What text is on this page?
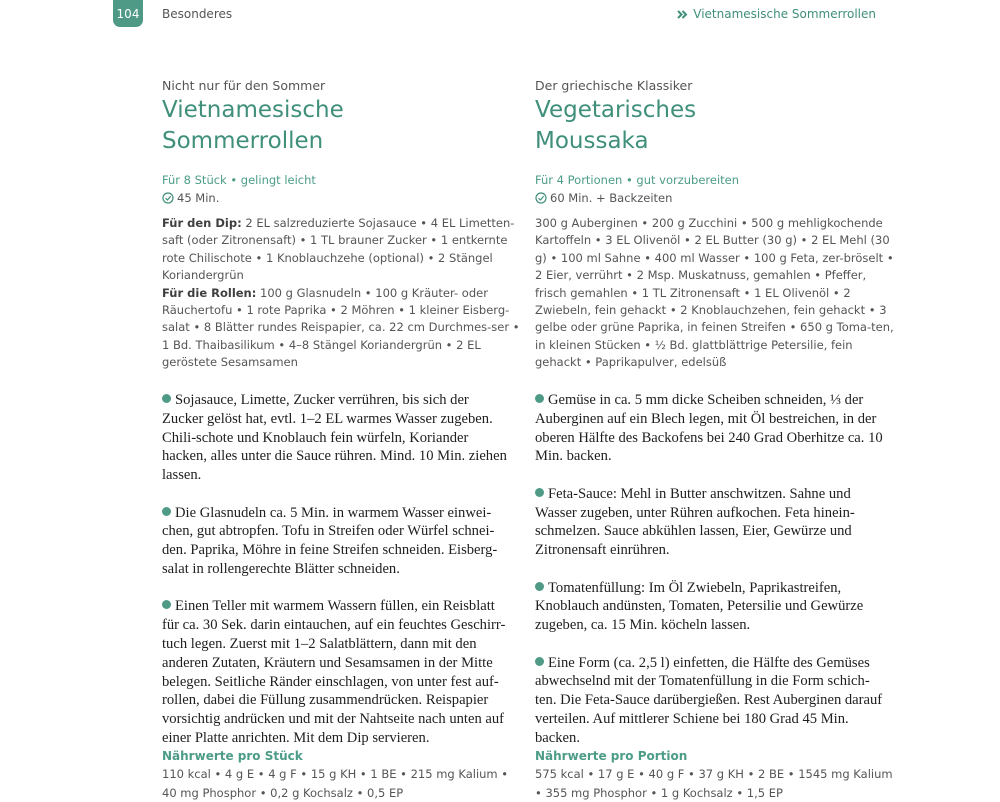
104 Besonderes	Vietnamesische Sommerrollen

Nicht nur für den Sommer

Vietnamesische
Sommerrollen
Für 8 Stück • gelingt leicht
45 Min.

Für den Dip: 2 EL salzreduzierte Sojasauce • 4 EL Limetten-saft (oder Zitronensaft) • 1 TL brauner Zucker • 1 entkernte rote Chilischote • 1 Knoblauchzehe (optional) • 2 Stängel Koriandergrün

Für die Rollen: 100 g Glasnudeln • 100 g Kräuter- oder Räuchertofu • 1 rote Paprika • 2 Möhren • 1 kleiner Eisberg-salat • 8 Blätter rundes Reispapier, ca. 22 cm Durchmes-ser • 1 Bd. Thaibasilikum • 4–8 Stängel Koriandergrün • 2 EL geröstete Sesamsamen

Der griechische Klassiker

Vegetarisches
Moussaka
Für 4 Portionen • gut vorzubereiten
60 Min. + Backzeiten

300 g Auberginen • 200 g Zucchini • 500 g mehligkochende Kartoffeln • 3 EL Olivenöl • 2 EL Butter (30 g) • 2 EL Mehl (30 g) • 100 ml Sahne • 400 ml Wasser • 100 g Feta, zer-bröselt • 2 Eier, verrührt • 2 Msp. Muskatnuss, gemahlen • Pfeffer, frisch gemahlen • 1 TL Zitronensaft • 1 EL Olivenöl • 2 Zwiebeln, fein gehackt • 2 Knoblauchzehen, fein gehackt • 3 gelbe oder grüne Paprika, in feinen Streifen • 650 g Toma-ten, in kleinen Stücken • ½ Bd. glattblättrige Petersilie, fein gehackt • Paprikapulver, edelsüß

Sojasauce, Limette, Zucker verrühren, bis sich der Zucker gelöst hat, evtl. 1–2 EL warmes Wasser zugeben. Chili-schote und Knoblauch fein würfeln, Koriander hacken, alles unter die Sauce rühren. Mind. 10 Min. ziehen lassen.

Die Glasnudeln ca. 5 Min. in warmem Wasser einwei-chen, gut abtropfen. Tofu in Streifen oder Würfel schnei-den. Paprika, Möhre in feine Streifen schneiden. Eisberg-salat in rollengerechte Blätter schneiden.

Einen Teller mit warmem Wassern füllen, ein Reisblatt für ca. 30 Sek. darin eintauchen, auf ein feuchtes Geschirr-tuch legen. Zuerst mit 1–2 Salatblättern, dann mit den anderen Zutaten, Kräutern und Sesamsamen in der Mitte belegen. Seitliche Ränder einschlagen, von unter fest auf-rollen, dabei die Füllung zusammendrücken. Reispapier vorsichtig andrücken und mit der Nahtseite nach unten auf einer Platte anrichten. Mit dem Dip servieren.

Gemüse in ca. 5 mm dicke Scheiben schneiden, ⅓ der Auberginen auf ein Blech legen, mit Öl bestreichen, in der oberen Hälfte des Backofens bei 240 Grad Oberhitze ca. 10 Min. backen.

Feta-Sauce: Mehl in Butter anschwitzen. Sahne und Wasser zugeben, unter Rühren aufkochen. Feta hinein-schmelzen. Sauce abkühlen lassen, Eier, Gewürze und Zitronensaft einrühren.

Tomatenfüllung: Im Öl Zwiebeln, Paprikastreifen, Knoblauch andünsten, Tomaten, Petersilie und Gewürze zugeben, ca. 15 Min. köcheln lassen.

Eine Form (ca. 2,5 l) einfetten, die Hälfte des Gemüses abwechselnd mit der Tomatenfüllung in die Form schich-ten. Die Feta-Sauce darübergießen. Rest Auberginen darauf verteilen. Auf mittlerer Schiene bei 180 Grad 45 Min. backen.

Nährwerte pro Stück
110 kcal • 4 g E • 4 g F • 15 g KH • 1 BE • 215 mg Kalium • 40 mg Phosphor • 0,2 g Kochsalz • 0,5 EP
Nährwerte pro Portion
575 kcal • 17 g E • 40 g F • 37 g KH • 2 BE • 1545 mg Kalium • 355 mg Phosphor • 1 g Kochsalz • 1,5 EP
